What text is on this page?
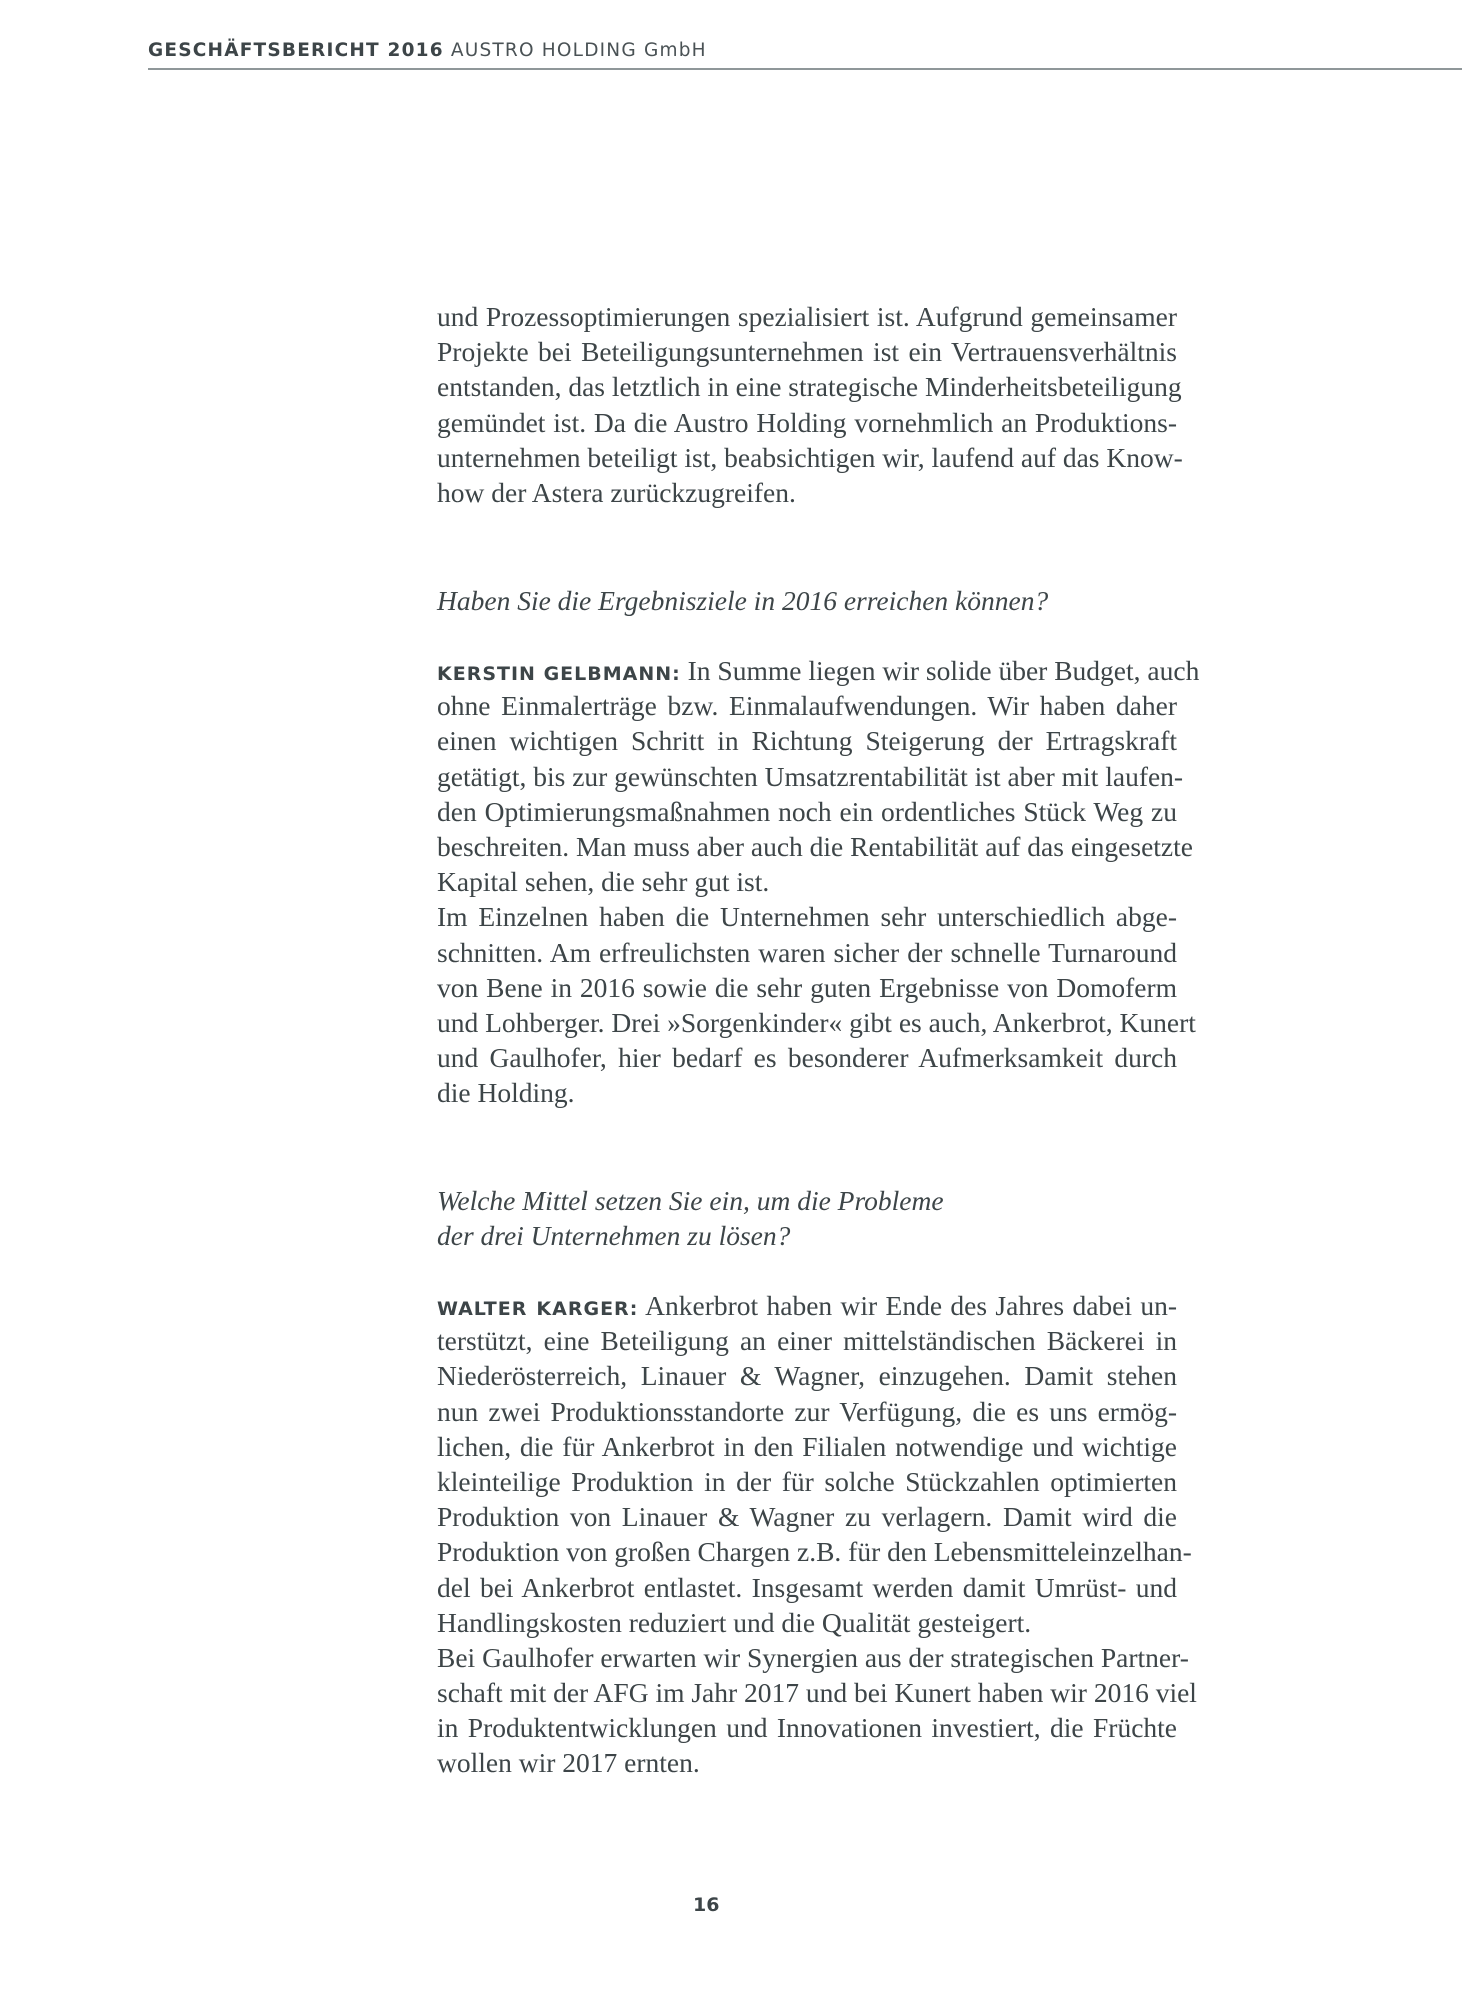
GESCHÄFTSBERICHT 2016 AUSTRO HOLDING GmbH
und Prozessoptimierungen spezialisiert ist. Aufgrund gemeinsamer
Projekte bei Beteiligungsunternehmen ist ein Vertrauensverhältnis
entstanden, das letztlich in eine strategische Minderheitsbeteiligung
gemündet ist. Da die Austro Holding vornehmlich an Produktions-
unternehmen beteiligt ist, beabsichtigen wir, laufend auf das Know-
how der Astera zurückzugreifen.
Haben Sie die Ergebnisziele in 2016 erreichen können?
KERSTIN GELBMANN: In Summe liegen wir solide über Budget, auch
ohne Einmalerträge bzw. Einmalaufwendungen. Wir haben daher
einen wichtigen Schritt in Richtung Steigerung der Ertragskraft
getätigt, bis zur gewünschten Umsatzrentabilität ist aber mit laufen-
den Optimierungsmaßnahmen noch ein ordentliches Stück Weg zu
beschreiten. Man muss aber auch die Rentabilität auf das eingesetzte
Kapital sehen, die sehr gut ist.
Im Einzelnen haben die Unternehmen sehr unterschiedlich abge-
schnitten. Am erfreulichsten waren sicher der schnelle Turnaround
von Bene in 2016 sowie die sehr guten Ergebnisse von Domoferm
und Lohberger. Drei »Sorgenkinder« gibt es auch, Ankerbrot, Kunert
und Gaulhofer, hier bedarf es besonderer Aufmerksamkeit durch
die Holding.
Welche Mittel setzen Sie ein, um die Probleme
der drei Unternehmen zu lösen?
WALTER KARGER: Ankerbrot haben wir Ende des Jahres dabei un-
terstützt, eine Beteiligung an einer mittelständischen Bäckerei in
Niederösterreich, Linauer & Wagner, einzugehen. Damit stehen
nun zwei Produktionsstandorte zur Verfügung, die es uns ermög-
lichen, die für Ankerbrot in den Filialen notwendige und wichtige
kleinteilige Produktion in der für solche Stückzahlen optimierten
Produktion von Linauer & Wagner zu verlagern. Damit wird die
Produktion von großen Chargen z.B. für den Lebensmitteleinzelhan-
del bei Ankerbrot entlastet. Insgesamt werden damit Umrüst- und
Handlingskosten reduziert und die Qualität gesteigert.
Bei Gaulhofer erwarten wir Synergien aus der strategischen Partner-
schaft mit der AFG im Jahr 2017 und bei Kunert haben wir 2016 viel
in Produktentwicklungen und Innovationen investiert, die Früchte
wollen wir 2017 ernten.
16
